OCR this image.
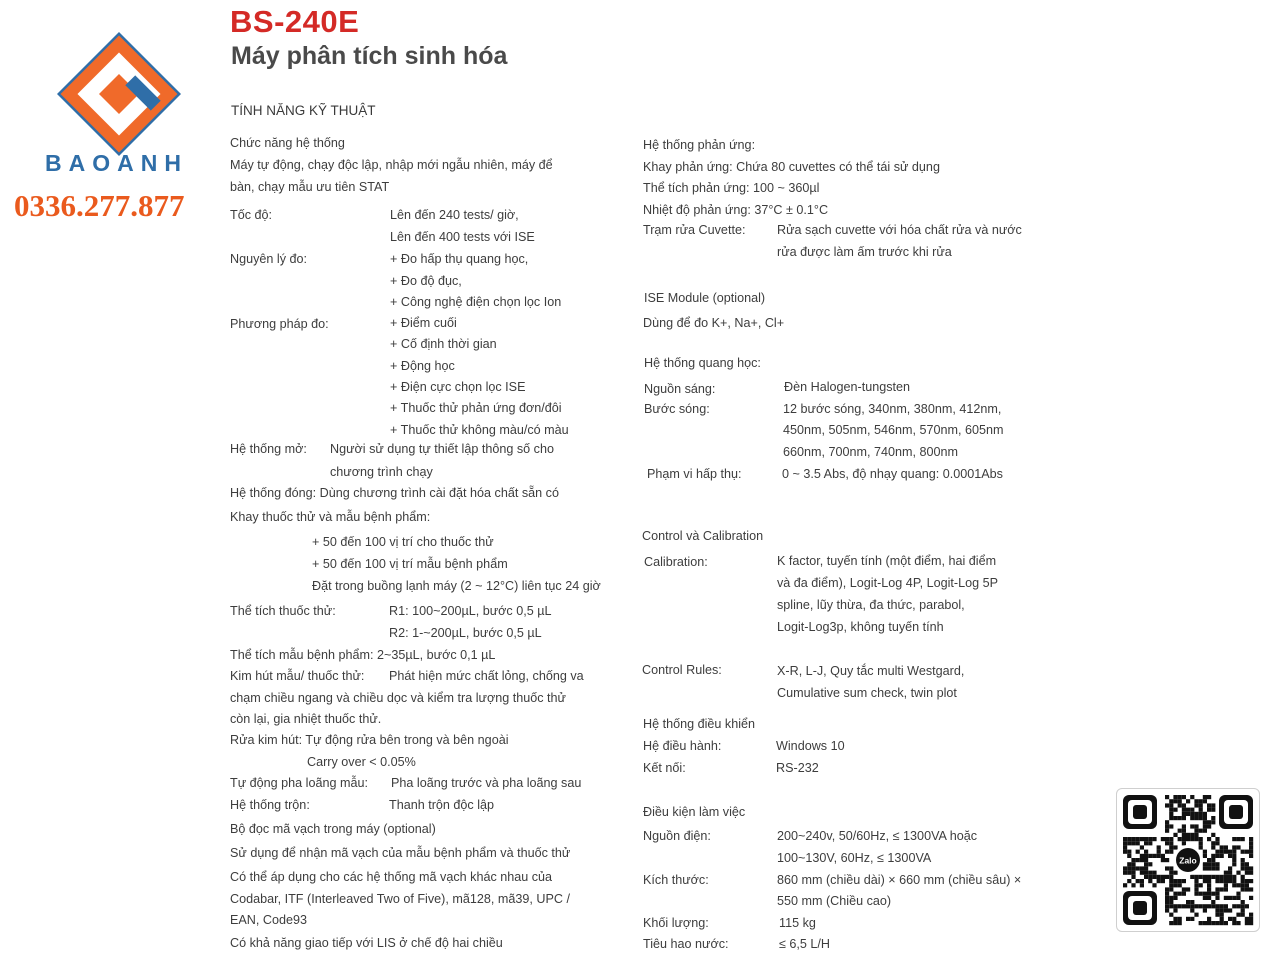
BAOANH
0336.277.877
BS-240E
Máy phân tích sinh hóa
TÍNH NĂNG KỸ THUẬT
Chức năng hệ thống
Máy tự động, chạy độc lập, nhập mới ngẫu nhiên, máy để
bàn, chạy mẫu ưu tiên STAT
Tốc độ:	Lên đến 240 tests/ giờ,
Lên đến 400 tests với ISE
Nguyên lý đo:	+ Đo hấp thụ quang học,
+ Đo độ đục,
+ Công nghệ điện chọn lọc Ion
Phương pháp đo:	+ Điểm cuối
+ Cố định thời gian
+ Động học
+ Điện cực chọn lọc ISE
+ Thuốc thử phản ứng đơn/đôi
+ Thuốc thử không màu/có màu
Hệ thống mở: Người sử dụng tự thiết lập thông số cho
chương trình chạy
Hệ thống đóng: Dùng chương trình cài đặt hóa chất sẵn có
Khay thuốc thử và mẫu bệnh phẩm:
+ 50 đến 100 vị trí cho thuốc thử
+ 50 đến 100 vị trí mẫu bệnh phẩm
Đặt trong buồng lạnh máy (2 ~ 12°C) liên tục 24 giờ
Thể tích thuốc thử:	R1: 100~200µL, bước 0,5 µL
R2: 1-~200µL, bước 0,5 µL
Thể tích mẫu bệnh phẩm: 2~35µL, bước 0,1 µL
Kim hút mẫu/ thuốc thử: Phát hiện mức chất lỏng, chống va
chạm chiều ngang và chiều dọc và kiểm tra lượng thuốc thử
còn lại, gia nhiệt thuốc thử.
Rửa kim hút: Tự động rửa bên trong và bên ngoài
Carry over < 0.05%
Tự động pha loãng mẫu: Pha loãng trước và pha loãng sau
Hệ thống trộn:	Thanh trộn độc lập
Bộ đọc mã vạch trong máy (optional)
Sử dụng để nhận mã vạch của mẫu bệnh phẩm và thuốc thử
Có thể áp dụng cho các hệ thống mã vạch khác nhau của
Codabar, ITF (Interleaved Two of Five), mã128, mã39, UPC /
EAN, Code93
Có khả năng giao tiếp với LIS ở chế độ hai chiều
Hệ thống phản ứng:
Khay phản ứng: Chứa 80 cuvettes có thể tái sử dụng
Thể tích phản ứng: 100 ~ 360µl
Nhiệt độ phản ứng: 37°C ± 0.1°C
Trạm rửa Cuvette:	Rửa sạch cuvette với hóa chất rửa và nước
rửa được làm ấm trước khi rửa
ISE Module (optional)
Dùng để đo K+, Na+, Cl+
Hệ thống quang học:
Nguồn sáng:	Đèn Halogen-tungsten
Bước sóng:	12 bước sóng, 340nm, 380nm, 412nm,
450nm, 505nm, 546nm, 570nm, 605nm
660nm, 700nm, 740nm, 800nm
Phạm vi hấp thụ:	0 ~ 3.5 Abs, độ nhạy quang: 0.0001Abs
Control và Calibration
Calibration:	K factor, tuyến tính (một điểm, hai điểm
và đa điểm), Logit-Log 4P, Logit-Log 5P
spline, lũy thừa, đa thức, parabol,
Logit-Log3p, không tuyến tính
Control Rules:	X-R, L-J, Quy tắc multi Westgard,
Cumulative sum check, twin plot
Hệ thống điều khiển
Hệ điều hành:	Windows 10
Kết nối:	RS-232
Điều kiện làm việc
Nguồn điện:	200~240v, 50/60Hz, ≤ 1300VA hoặc
100~130V, 60Hz, ≤ 1300VA
Kích thước:	860 mm (chiều dài) × 660 mm (chiều sâu) ×
550 mm (Chiều cao)
Khối lượng:	115 kg
Tiêu hao nước:	≤ 6,5 L/H
Zalo
